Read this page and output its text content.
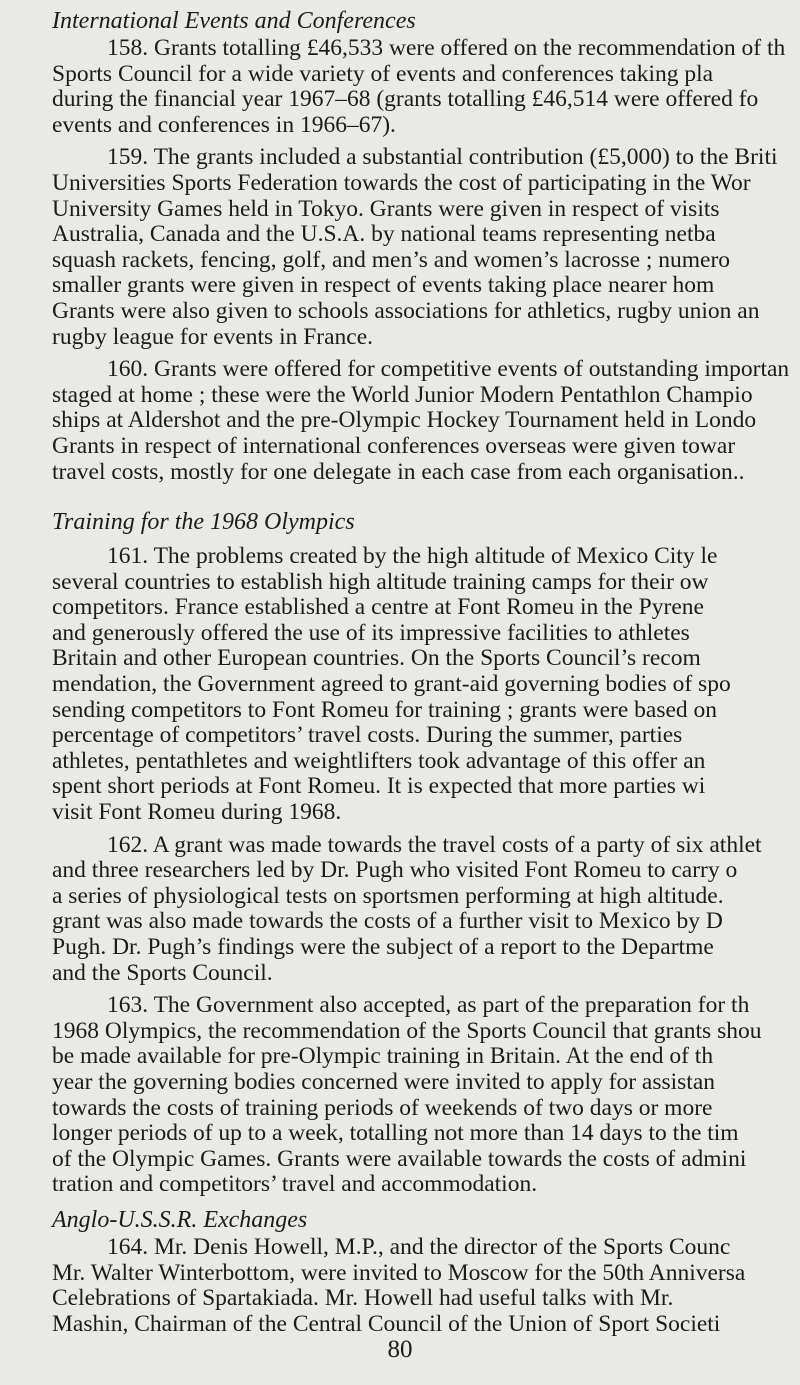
International Events and Conferences
158. Grants totalling £46,533 were offered on the recommendation of th
Sports Council for a wide variety of events and conferences taking pla
during the financial year 1967–68 (grants totalling £46,514 were offered fo
events and conferences in 1966–67).
159. The grants included a substantial contribution (£5,000) to the Briti
Universities Sports Federation towards the cost of participating in the Wor
University Games held in Tokyo. Grants were given in respect of visits
Australia, Canada and the U.S.A. by national teams representing netba
squash rackets, fencing, golf, and men’s and women’s lacrosse ; numero
smaller grants were given in respect of events taking place nearer hom
Grants were also given to schools associations for athletics, rugby union an
rugby league for events in France.
160. Grants were offered for competitive events of outstanding importan
staged at home ; these were the World Junior Modern Pentathlon Champio
ships at Aldershot and the pre-Olympic Hockey Tournament held in Londo
Grants in respect of international conferences overseas were given towar
travel costs, mostly for one delegate in each case from each organisation..
Training for the 1968 Olympics
161. The problems created by the high altitude of Mexico City le
several countries to establish high altitude training camps for their ow
competitors. France established a centre at Font Romeu in the Pyrene
and generously offered the use of its impressive facilities to athletes
Britain and other European countries. On the Sports Council’s recom
mendation, the Government agreed to grant-aid governing bodies of spo
sending competitors to Font Romeu for training ; grants were based on
percentage of competitors’ travel costs. During the summer, parties
athletes, pentathletes and weightlifters took advantage of this offer an
spent short periods at Font Romeu. It is expected that more parties wi
visit Font Romeu during 1968.
162. A grant was made towards the travel costs of a party of six athlet
and three researchers led by Dr. Pugh who visited Font Romeu to carry o
a series of physiological tests on sportsmen performing at high altitude.
grant was also made towards the costs of a further visit to Mexico by D
Pugh. Dr. Pugh’s findings were the subject of a report to the Departme
and the Sports Council.
163. The Government also accepted, as part of the preparation for th
1968 Olympics, the recommendation of the Sports Council that grants shou
be made available for pre-Olympic training in Britain. At the end of th
year the governing bodies concerned were invited to apply for assistan
towards the costs of training periods of weekends of two days or more
longer periods of up to a week, totalling not more than 14 days to the tim
of the Olympic Games. Grants were available towards the costs of admini
tration and competitors’ travel and accommodation.
Anglo-U.S.S.R. Exchanges
164. Mr. Denis Howell, M.P., and the director of the Sports Counc
Mr. Walter Winterbottom, were invited to Moscow for the 50th Anniversa
Celebrations of Spartakiada. Mr. Howell had useful talks with Mr.
Mashin, Chairman of the Central Council of the Union of Sport Societi
80
